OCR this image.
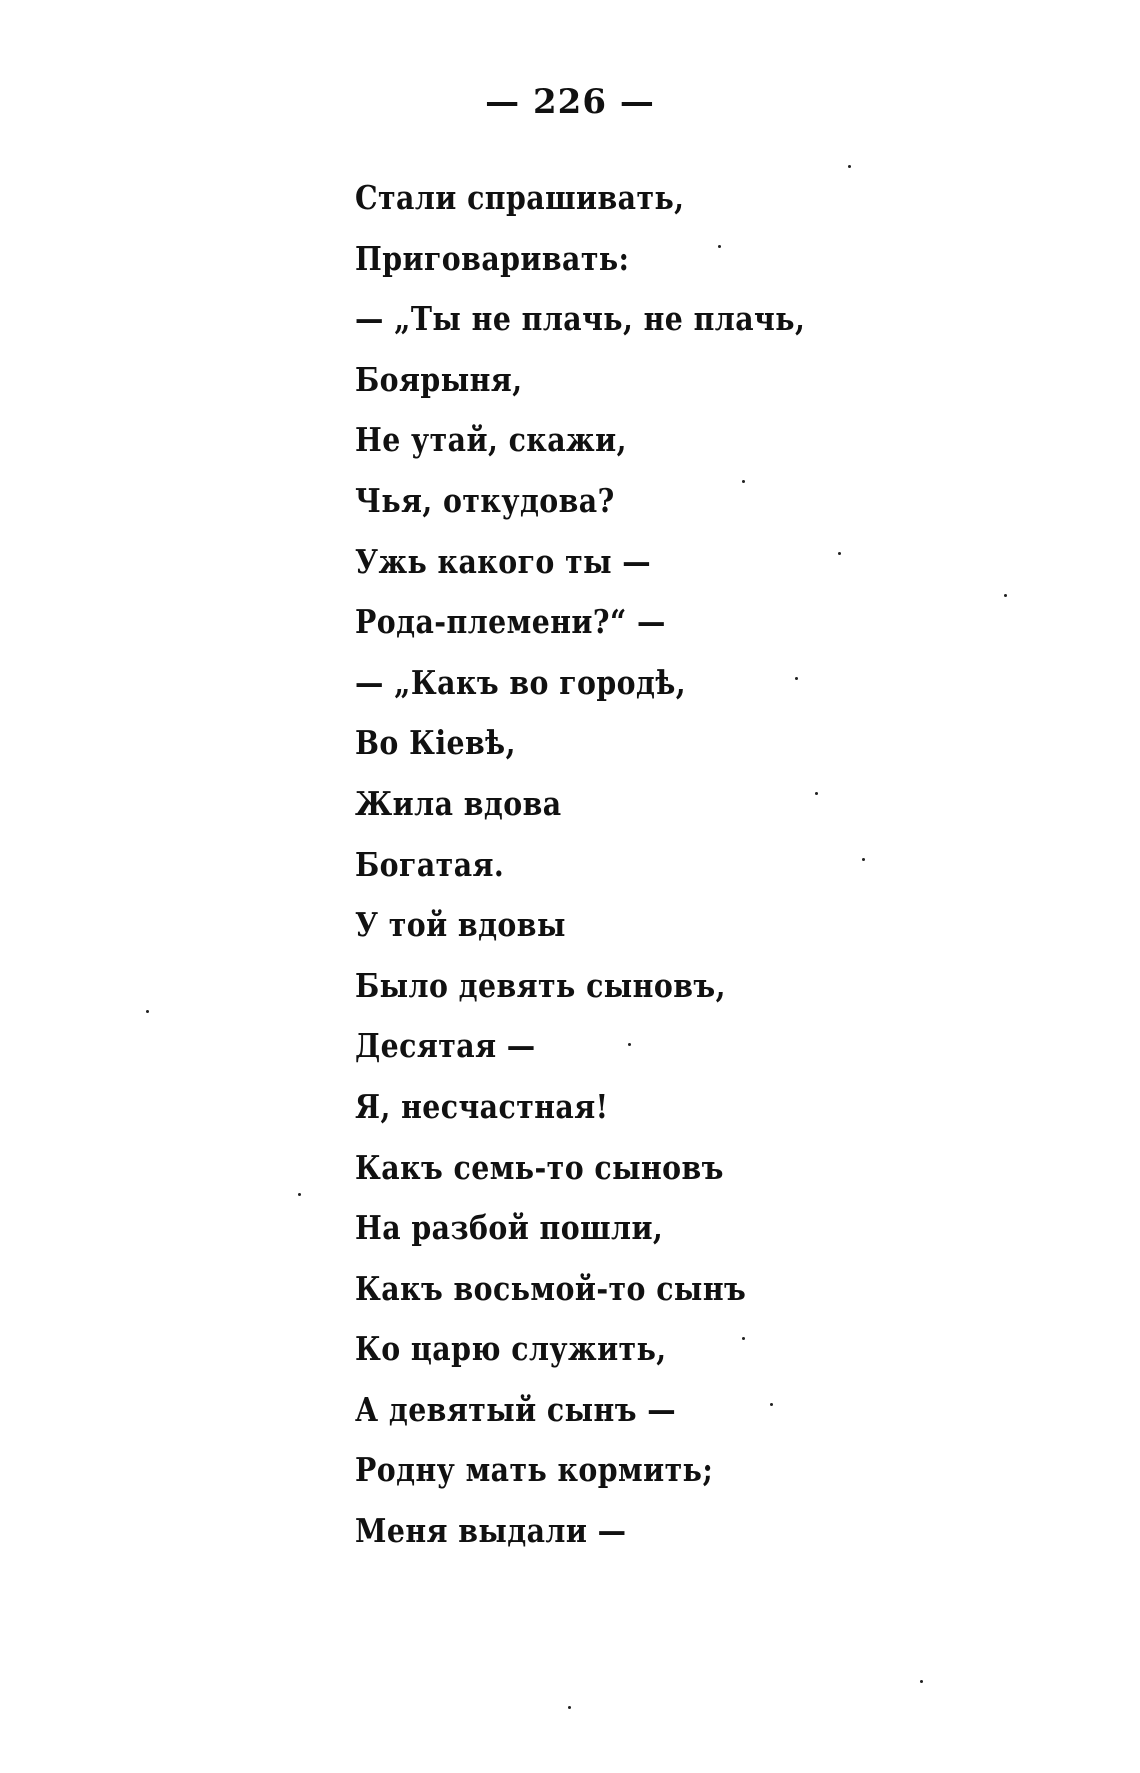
— 226 —
Стали спрашивать,
Приговаривать:
— „Ты не плачь, не плачь,
Боярыня,
Не утай, скажи,
Чья, откудова?
Ужь какого ты —
Рода-племени?“ —
— „Какъ во городѣ,
Во Кіевѣ,
Жила вдова
Богатая.
У той вдовы
Было девять сыновъ,
Десятая —
Я, несчастная!
Какъ семь-то сыновъ
На разбой пошли,
Какъ восьмой-то сынъ
Ко царю служить,
А девятый сынъ —
Родну мать кормить;
Меня выдали —
